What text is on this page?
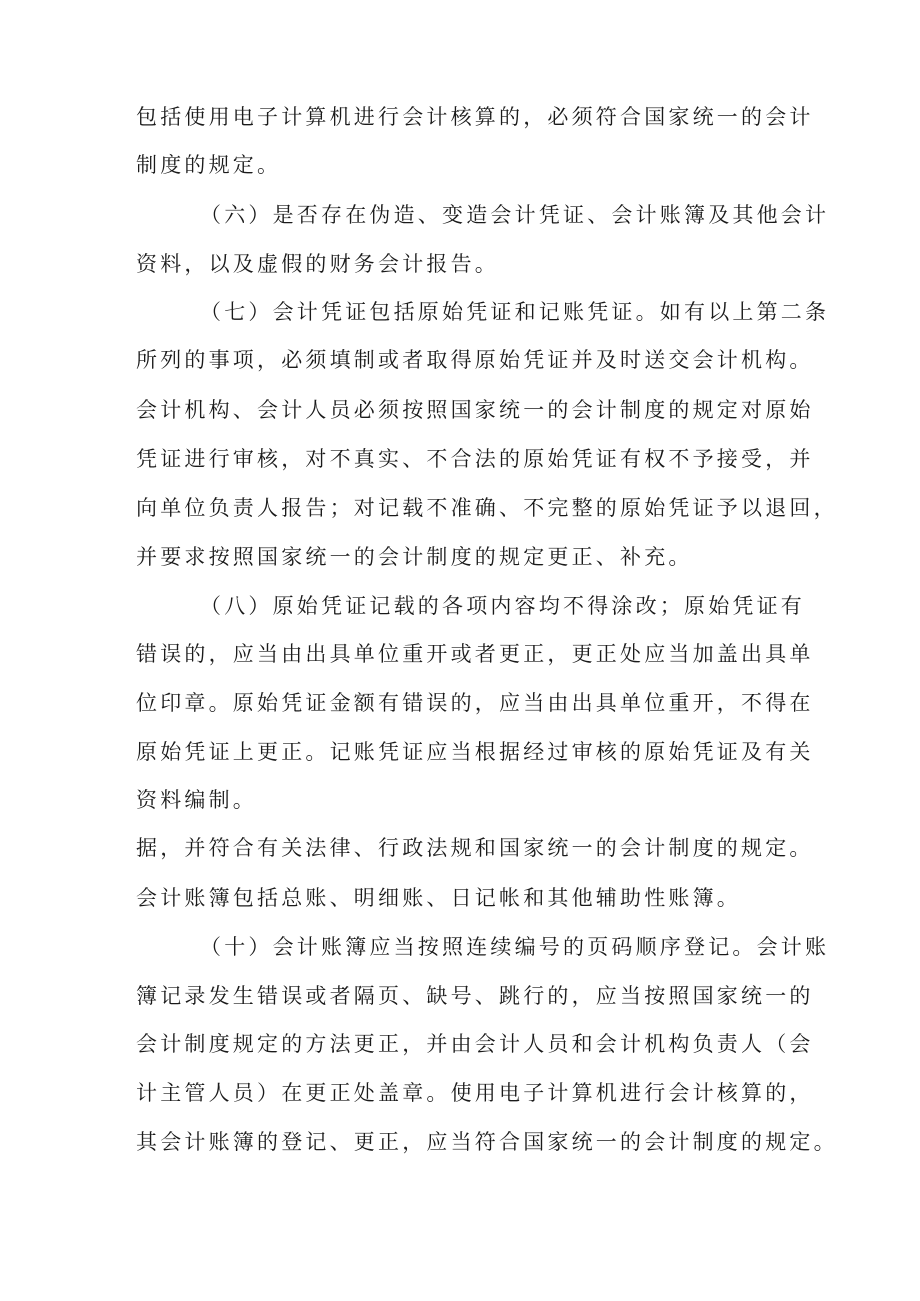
包括使用电子计算机进行会计核算的，必须符合国家统一的会计

制度的规定。

（六）是否存在伪造、变造会计凭证、会计账簿及其他会计

资料，以及虚假的财务会计报告。

（七）会计凭证包括原始凭证和记账凭证。如有以上第二条

所列的事项，必须填制或者取得原始凭证并及时送交会计机构。

会计机构、会计人员必须按照国家统一的会计制度的规定对原始

凭证进行审核，对不真实、不合法的原始凭证有权不予接受，并

向单位负责人报告；对记载不准确、不完整的原始凭证予以退回，

并要求按照国家统一的会计制度的规定更正、补充。

（八）原始凭证记载的各项内容均不得涂改；原始凭证有

错误的，应当由出具单位重开或者更正，更正处应当加盖出具单

位印章。原始凭证金额有错误的，应当由出具单位重开，不得在

原始凭证上更正。记账凭证应当根据经过审核的原始凭证及有关

资料编制。

据，并符合有关法律、行政法规和国家统一的会计制度的规定。

会计账簿包括总账、明细账、日记帐和其他辅助性账簿。

（十）会计账簿应当按照连续编号的页码顺序登记。会计账

簿记录发生错误或者隔页、缺号、跳行的，应当按照国家统一的

会计制度规定的方法更正，并由会计人员和会计机构负责人（会

计主管人员）在更正处盖章。使用电子计算机进行会计核算的，

其会计账簿的登记、更正，应当符合国家统一的会计制度的规定。
